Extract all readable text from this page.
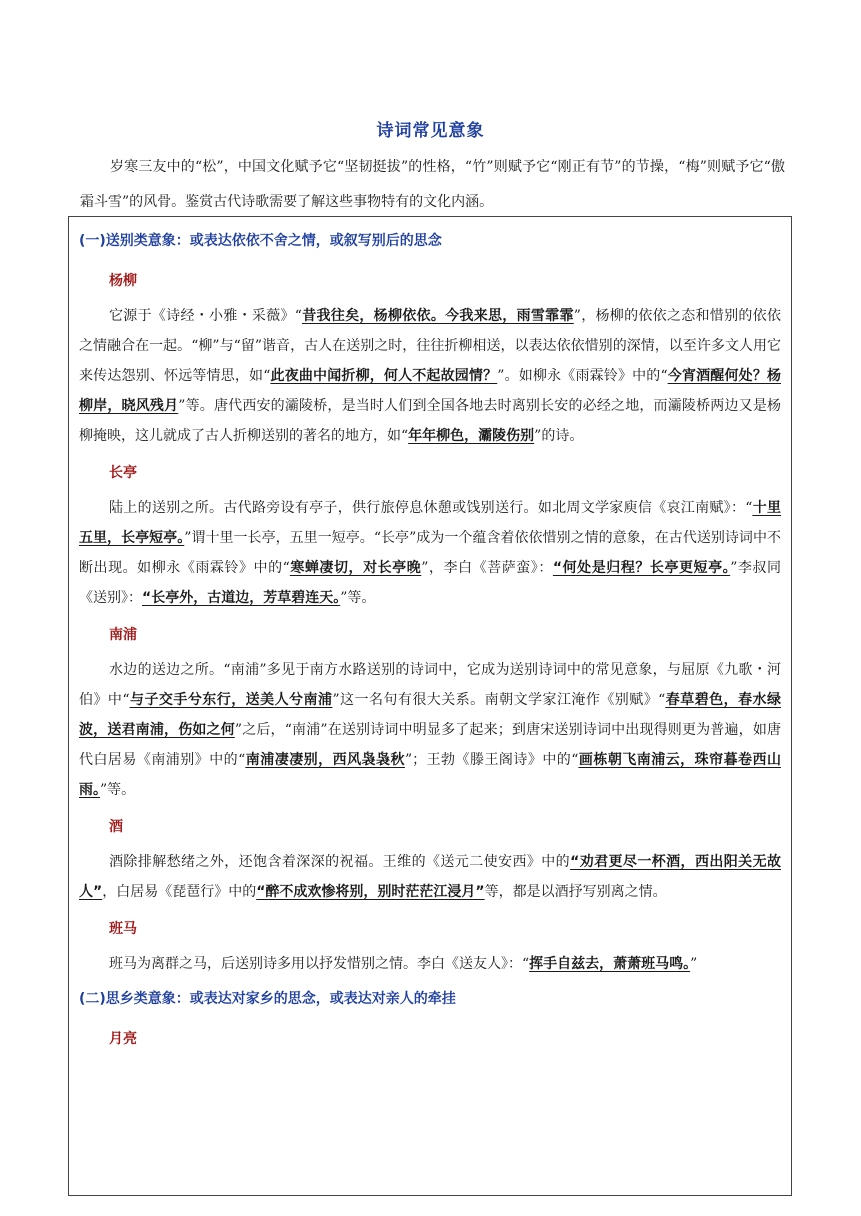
诗词常见意象

岁寒三友中的“松”，中国文化赋予它“坚韧挺拔”的性格，“竹”则赋予它“刚正有节”的节操，“梅”则赋予它“傲霜斗雪”的风骨。鉴赏古代诗歌需要了解这些事物特有的文化内涵。

(一)送别类意象：或表达依依不舍之情，或叙写别后的思念
杨柳

它源于《诗经・小雅・采薇》“昔我往矣，杨柳依依。今我来思，雨雪霏霏”，杨柳的依依之态和惜别的依依之情融合在一起。“柳”与“留”谐音，古人在送别之时，往往折柳相送，以表达依依惜别的深情，以至许多文人用它来传达怨别、怀远等情思，如“此夜曲中闻折柳，何人不起故园情？”。如柳永《雨霖铃》中的“今宵酒醒何处？杨柳岸，晓风残月”等。唐代西安的灞陵桥，是当时人们到全国各地去时离别长安的必经之地，而灞陵桥两边又是杨柳掩映，这儿就成了古人折柳送别的著名的地方，如“年年柳色，灞陵伤别”的诗。

长亭

陆上的送别之所。古代路旁设有亭子，供行旅停息休憩或饯别送行。如北周文学家庾信《哀江南赋》：“十里五里，长亭短亭。”谓十里一长亭，五里一短亭。“长亭”成为一个蕴含着依依惜别之情的意象，在古代送别诗词中不断出现。如柳永《雨霖铃》中的“寒蝉凄切，对长亭晚”，李白《菩萨蛮》：“何处是归程？长亭更短亭。”李叔同《送别》：“长亭外，古道边，芳草碧连天。”等。

南浦

水边的送边之所。“南浦”多见于南方水路送别的诗词中，它成为送别诗词中的常见意象，与屈原《九歌・河伯》中“与子交手兮东行，送美人兮南浦”这一名句有很大关系。南朝文学家江淹作《别赋》“春草碧色，春水绿波，送君南浦，伤如之何”之后，“南浦”在送别诗词中明显多了起来；到唐宋送别诗词中出现得则更为普遍，如唐代白居易《南浦别》中的“南浦凄凄别，西风袅袅秋”；王勃《滕王阁诗》中的“画栋朝飞南浦云，珠帘暮卷西山雨。”等。

酒

酒除排解愁绪之外，还饱含着深深的祝福。王维的《送元二使安西》中的“劝君更尽一杯酒，西出阳关无故人”，白居易《琵琶行》中的“醉不成欢惨将别，别时茫茫江浸月”等，都是以酒抒写别离之情。

班马

班马为离群之马，后送别诗多用以抒发惜别之情。李白《送友人》：“挥手自兹去，萧萧班马鸣。”

(二)思乡类意象：或表达对家乡的思念，或表达对亲人的牵挂
月亮
